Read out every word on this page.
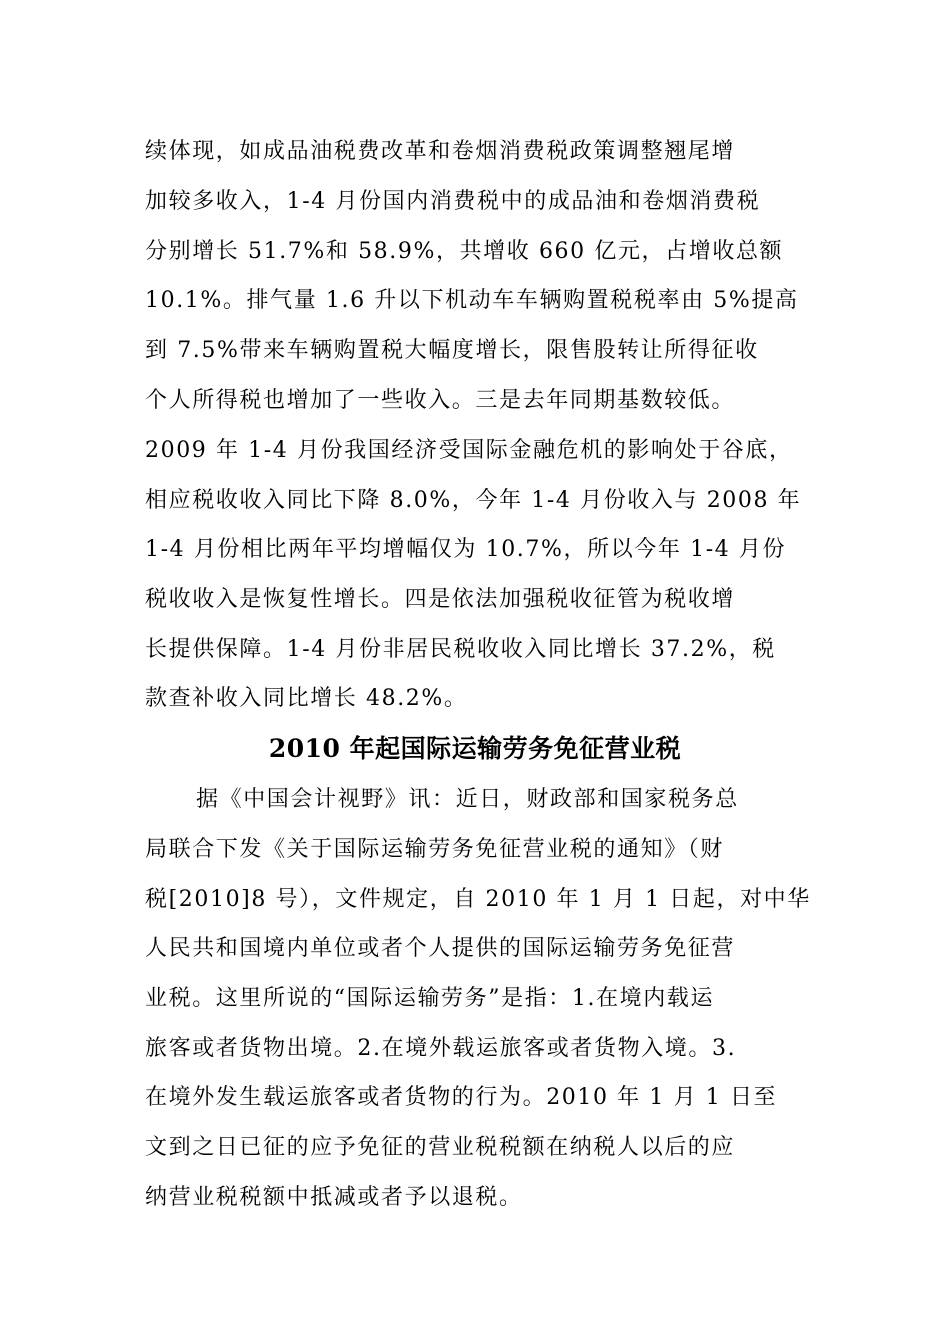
续体现，如成品油税费改革和卷烟消费税政策调整翘尾增
加较多收入，1-4 月份国内消费税中的成品油和卷烟消费税
分别增长 51.7%和 58.9%，共增收 660 亿元，占增收总额
10.1%。排气量 1.6 升以下机动车车辆购置税税率由 5%提高
到 7.5%带来车辆购置税大幅度增长，限售股转让所得征收
个人所得税也增加了一些收入。三是去年同期基数较低。
2009 年 1-4 月份我国经济受国际金融危机的影响处于谷底，
相应税收收入同比下降 8.0%，今年 1-4 月份收入与 2008 年
1-4 月份相比两年平均增幅仅为 10.7%，所以今年 1-4 月份
税收收入是恢复性增长。四是依法加强税收征管为税收增
长提供保障。1-4 月份非居民税收收入同比增长 37.2%，税
款查补收入同比增长 48.2%。
2010 年起国际运输劳务免征营业税
据《中国会计视野》讯：近日，财政部和国家税务总
局联合下发《关于国际运输劳务免征营业税的通知》（财
税[2010]8 号），文件规定，自 2010 年 1 月 1 日起，对中华
人民共和国境内单位或者个人提供的国际运输劳务免征营
业税。这里所说的“国际运输劳务”是指：1.在境内载运
旅客或者货物出境。2.在境外载运旅客或者货物入境。3.
在境外发生载运旅客或者货物的行为。2010 年 1 月 1 日至
文到之日已征的应予免征的营业税税额在纳税人以后的应
纳营业税税额中抵减或者予以退税。
